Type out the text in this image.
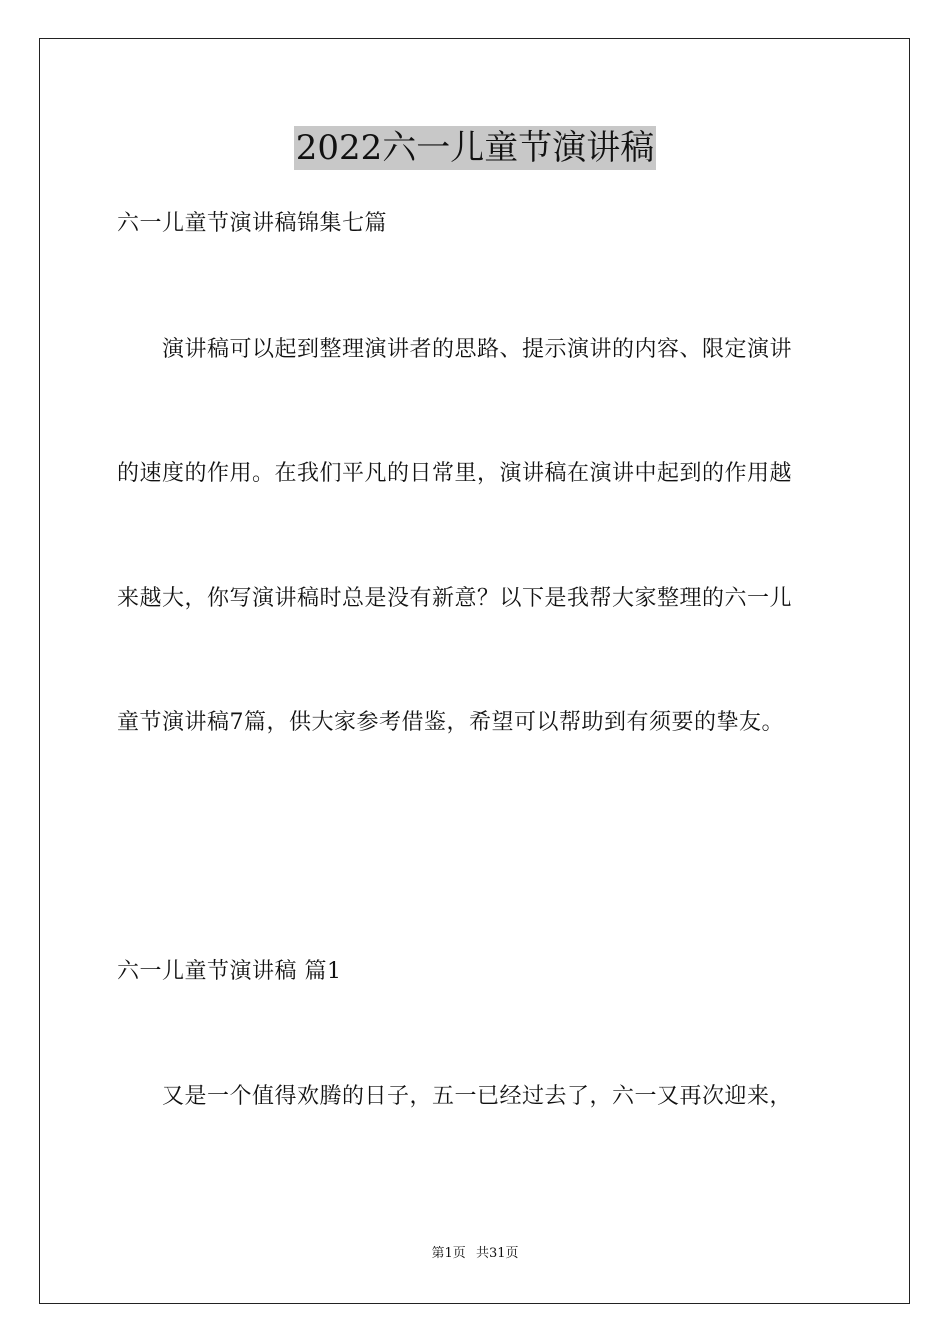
2022六一儿童节演讲稿
六一儿童节演讲稿锦集七篇
演讲稿可以起到整理演讲者的思路、提示演讲的内容、限定演讲
的速度的作用。在我们平凡的日常里，演讲稿在演讲中起到的作用越
来越大，你写演讲稿时总是没有新意？以下是我帮大家整理的六一儿
童节演讲稿7篇，供大家参考借鉴，希望可以帮助到有须要的挚友。
六一儿童节演讲稿 篇1
又是一个值得欢腾的日子，五一已经过去了，六一又再次迎来，
第1页 共31页
